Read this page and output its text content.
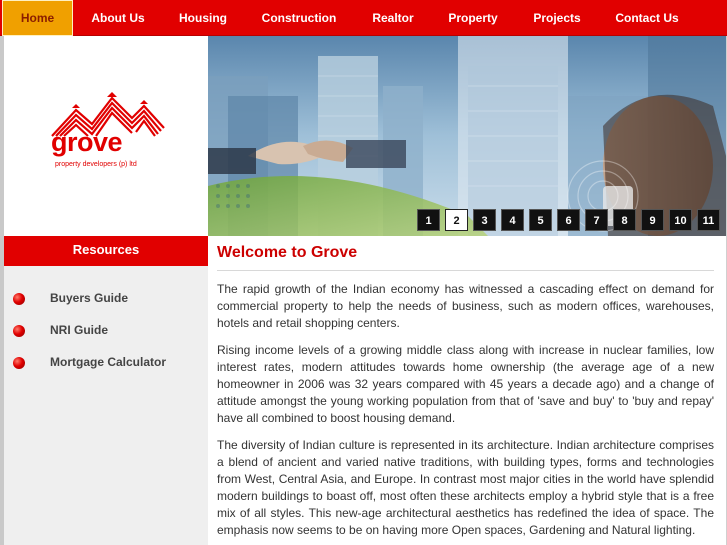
Home	About Us	Housing	Construction	Realtor	Property	Projects	Contact Us
grove
property developers (p) ltd
1	2	3	4	5	6	7	8	9	10	11
Resources
Buyers Guide
NRI Guide
Mortgage Calculator
Welcome to Grove

The rapid growth of the Indian economy has witnessed a cascading effect on demand for commercial property to help the needs of business, such as modern offices, warehouses, hotels and retail shopping centers.

Rising income levels of a growing middle class along with increase in nuclear families, low interest rates, modern attitudes towards home ownership (the average age of a new homeowner in 2006 was 32 years compared with 45 years a decade ago) and a change of attitude amongst the young working population from that of 'save and buy' to 'buy and repay' have all combined to boost housing demand.

The diversity of Indian culture is represented in its architecture. Indian architecture comprises a blend of ancient and varied native traditions, with building types, forms and technologies from West, Central Asia, and Europe. In contrast most major cities in the world have splendid modern buildings to boast off, most often these architects employ a hybrid style that is a free mix of all styles. This new-age architectural aesthetics has redefined the idea of space. The emphasis now seems to be on having more Open spaces, Gardening and Natural lighting.
